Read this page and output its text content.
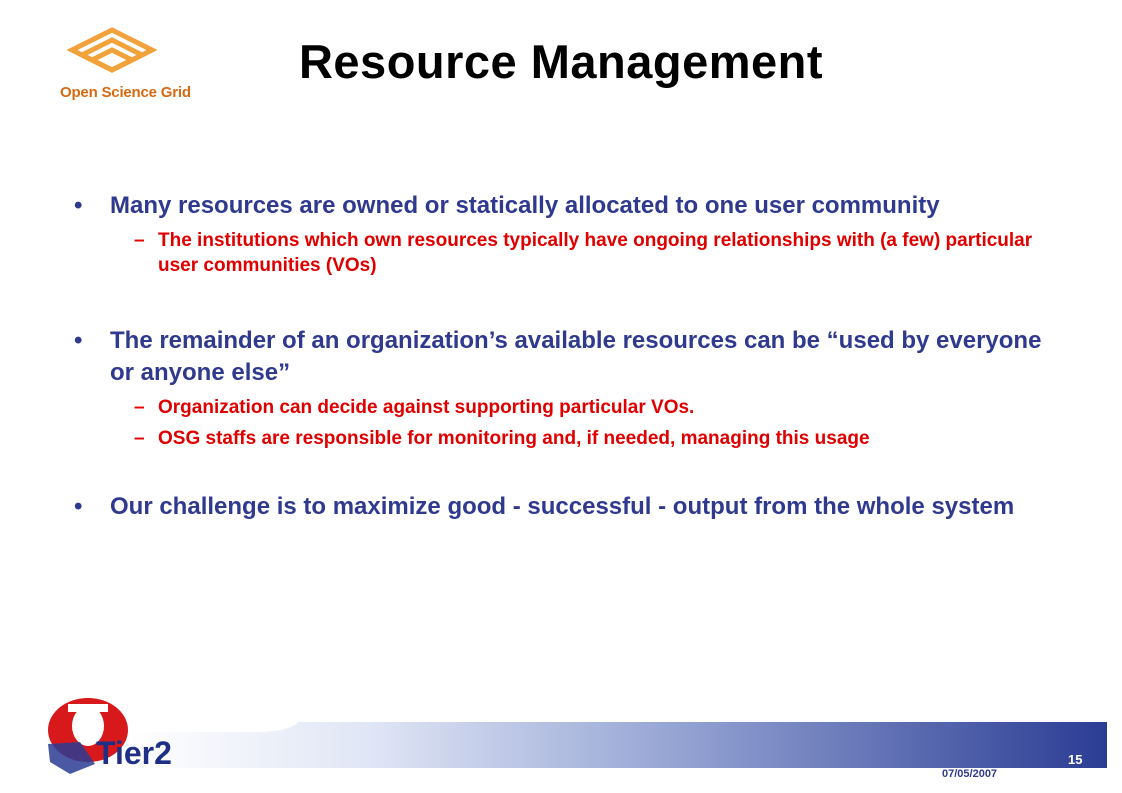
Open Science Grid
Resource Management
• Many resources are owned or statically allocated to one user community
– The institutions which own resources typically have ongoing relationships with (a few) particular user communities (VOs)
• The remainder of an organization’s available resources can be “used by everyone or anyone else”
– Organization can decide against supporting particular VOs.
– OSG staffs are responsible for monitoring and, if needed, managing this usage
• Our challenge is to maximize good - successful - output from the whole system
Tier2	15
07/05/2007
